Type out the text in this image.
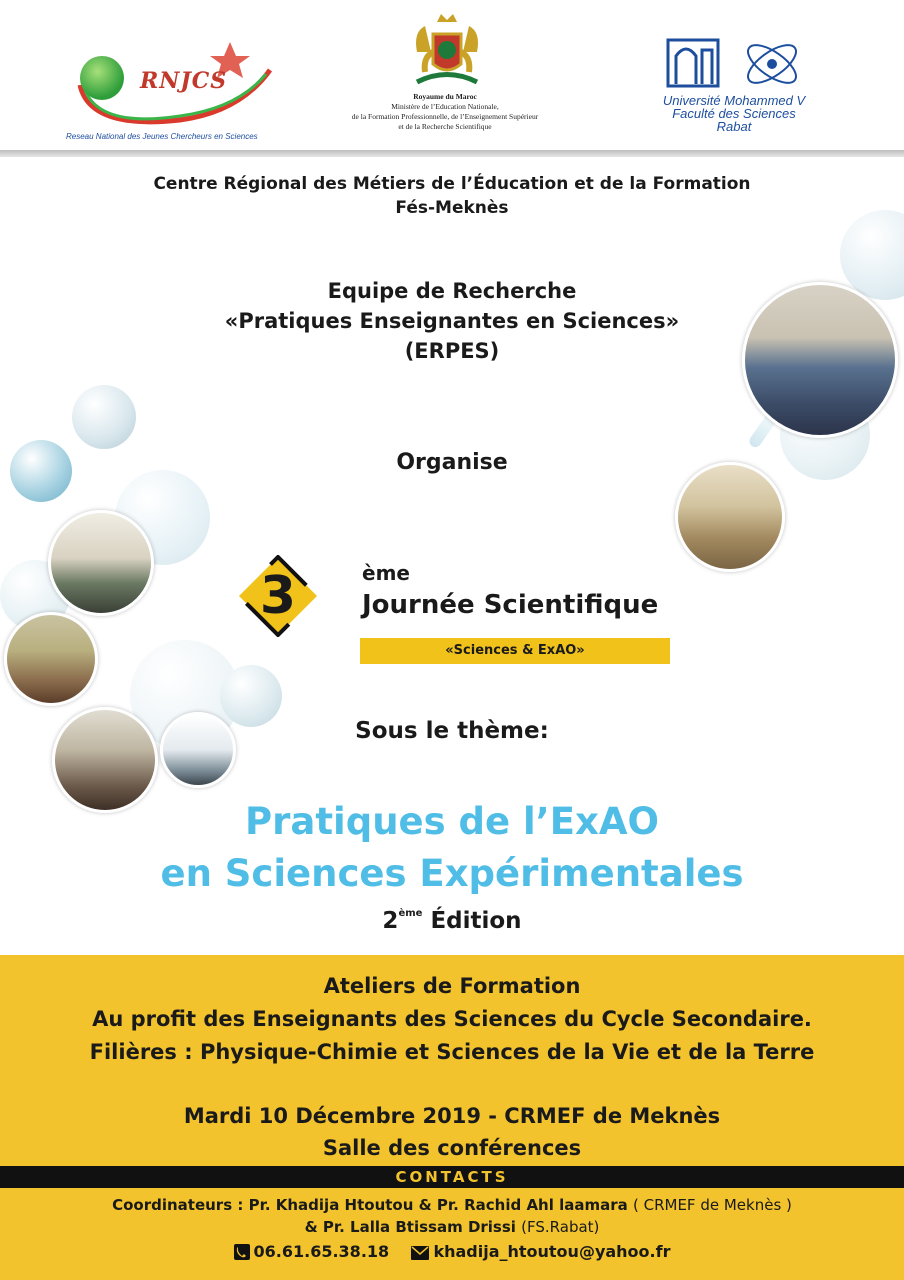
RNJCS
Reseau National des Jeunes Chercheurs en Sciences
Royaume du Maroc
Ministère de l’Education Nationale,
de la Formation Professionnelle, de l’Enseignement Supérieur
et de la Recherche Scientifique
Université Mohammed V
Faculté des Sciences
Rabat
Centre Régional des Métiers de l’Éducation et de la Formation
Fés-Meknès
Equipe de Recherche
«Pratiques Enseignantes en Sciences»
(ERPES)
Organise
3	ème
Journée Scientifique
«Sciences & ExAO»
Sous le thème:
Pratiques de l’ExAO
en Sciences Expérimentales
2ème Édition
Ateliers de Formation
Au profit des Enseignants des Sciences du Cycle Secondaire.
Filières : Physique-Chimie et Sciences de la Vie et de la Terre
Mardi 10 Décembre 2019 - CRMEF de Meknès
Salle des conférences
CONTACTS
Coordinateurs : Pr. Khadija Htoutou & Pr. Rachid Ahl laamara ( CRMEF de Meknès )
& Pr. Lalla Btissam Drissi (FS.Rabat)
06.61.65.38.18	khadija_htoutou@yahoo.fr
